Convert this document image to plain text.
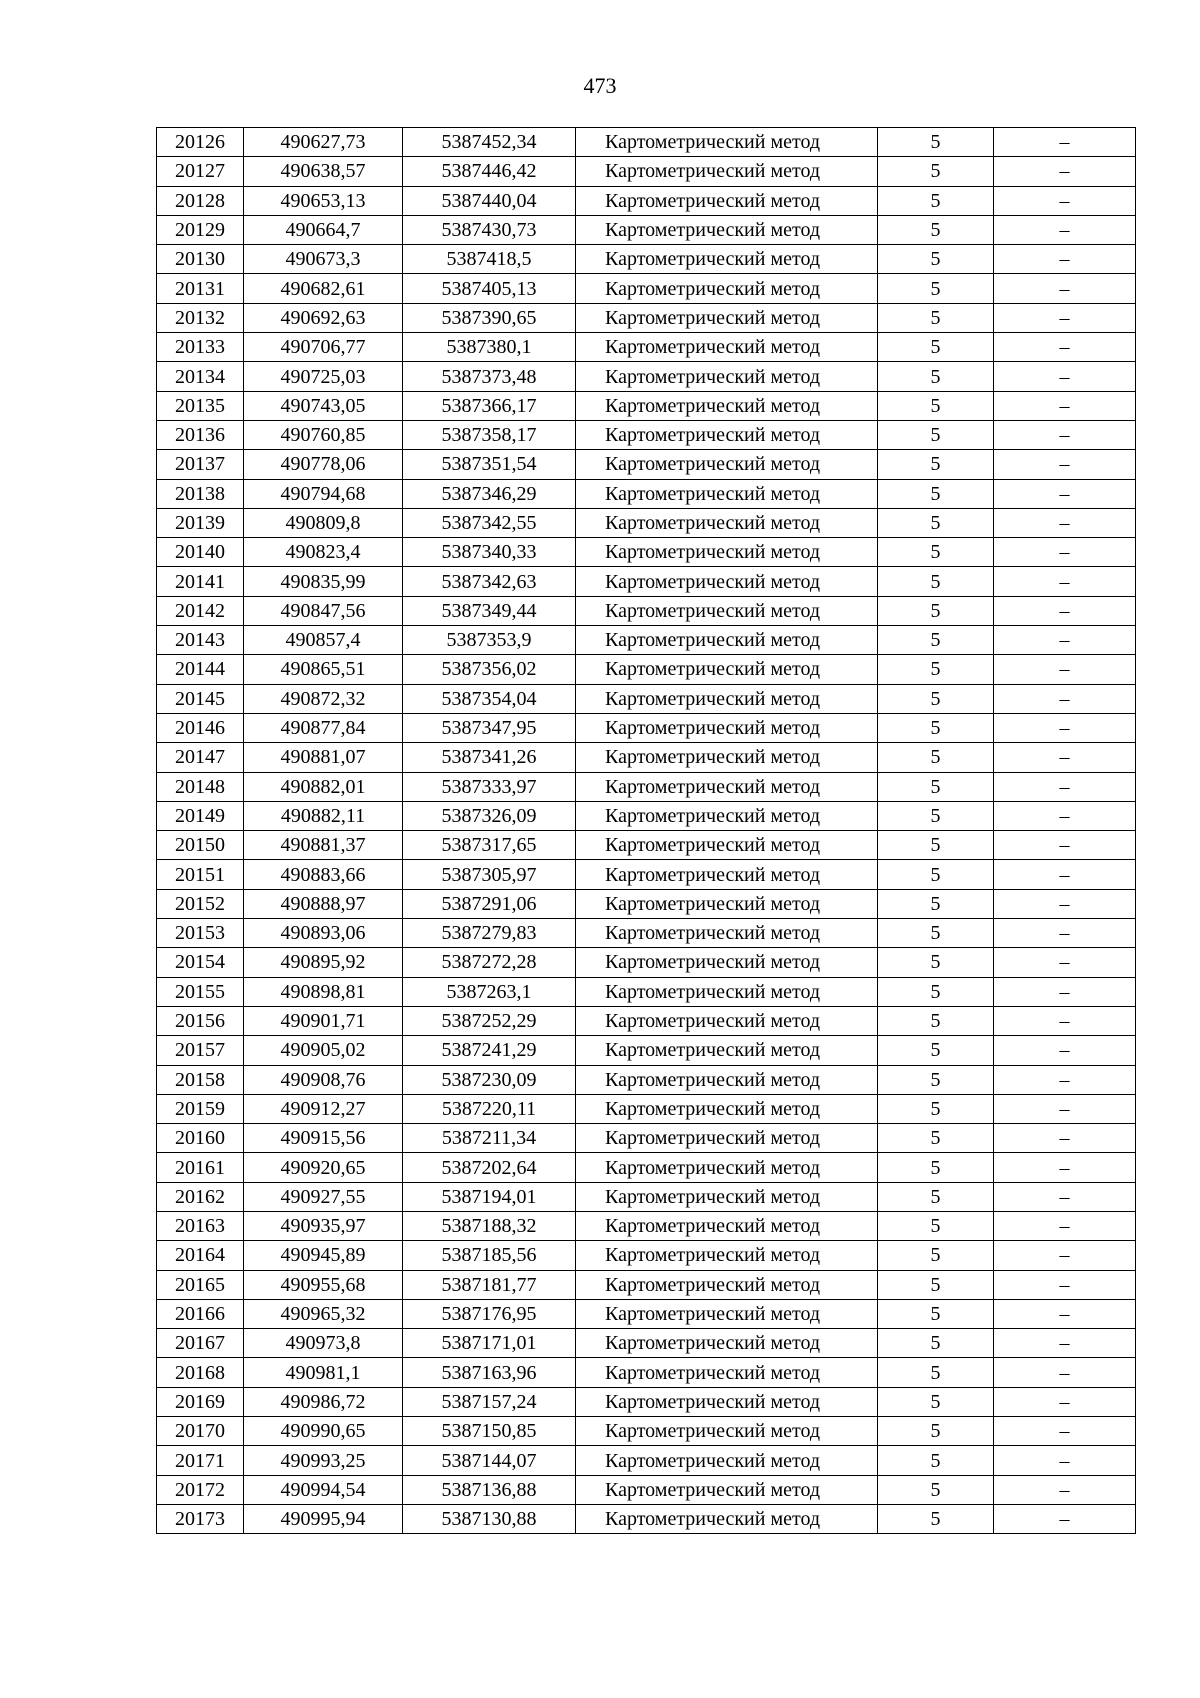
473
20126	490627,73	5387452,34	Картометрический метод	5	–
20127	490638,57	5387446,42	Картометрический метод	5	–
20128	490653,13	5387440,04	Картометрический метод	5	–
20129	490664,7	5387430,73	Картометрический метод	5	–
20130	490673,3	5387418,5	Картометрический метод	5	–
20131	490682,61	5387405,13	Картометрический метод	5	–
20132	490692,63	5387390,65	Картометрический метод	5	–
20133	490706,77	5387380,1	Картометрический метод	5	–
20134	490725,03	5387373,48	Картометрический метод	5	–
20135	490743,05	5387366,17	Картометрический метод	5	–
20136	490760,85	5387358,17	Картометрический метод	5	–
20137	490778,06	5387351,54	Картометрический метод	5	–
20138	490794,68	5387346,29	Картометрический метод	5	–
20139	490809,8	5387342,55	Картометрический метод	5	–
20140	490823,4	5387340,33	Картометрический метод	5	–
20141	490835,99	5387342,63	Картометрический метод	5	–
20142	490847,56	5387349,44	Картометрический метод	5	–
20143	490857,4	5387353,9	Картометрический метод	5	–
20144	490865,51	5387356,02	Картометрический метод	5	–
20145	490872,32	5387354,04	Картометрический метод	5	–
20146	490877,84	5387347,95	Картометрический метод	5	–
20147	490881,07	5387341,26	Картометрический метод	5	–
20148	490882,01	5387333,97	Картометрический метод	5	–
20149	490882,11	5387326,09	Картометрический метод	5	–
20150	490881,37	5387317,65	Картометрический метод	5	–
20151	490883,66	5387305,97	Картометрический метод	5	–
20152	490888,97	5387291,06	Картометрический метод	5	–
20153	490893,06	5387279,83	Картометрический метод	5	–
20154	490895,92	5387272,28	Картометрический метод	5	–
20155	490898,81	5387263,1	Картометрический метод	5	–
20156	490901,71	5387252,29	Картометрический метод	5	–
20157	490905,02	5387241,29	Картометрический метод	5	–
20158	490908,76	5387230,09	Картометрический метод	5	–
20159	490912,27	5387220,11	Картометрический метод	5	–
20160	490915,56	5387211,34	Картометрический метод	5	–
20161	490920,65	5387202,64	Картометрический метод	5	–
20162	490927,55	5387194,01	Картометрический метод	5	–
20163	490935,97	5387188,32	Картометрический метод	5	–
20164	490945,89	5387185,56	Картометрический метод	5	–
20165	490955,68	5387181,77	Картометрический метод	5	–
20166	490965,32	5387176,95	Картометрический метод	5	–
20167	490973,8	5387171,01	Картометрический метод	5	–
20168	490981,1	5387163,96	Картометрический метод	5	–
20169	490986,72	5387157,24	Картометрический метод	5	–
20170	490990,65	5387150,85	Картометрический метод	5	–
20171	490993,25	5387144,07	Картометрический метод	5	–
20172	490994,54	5387136,88	Картометрический метод	5	–
20173	490995,94	5387130,88	Картометрический метод	5	–
